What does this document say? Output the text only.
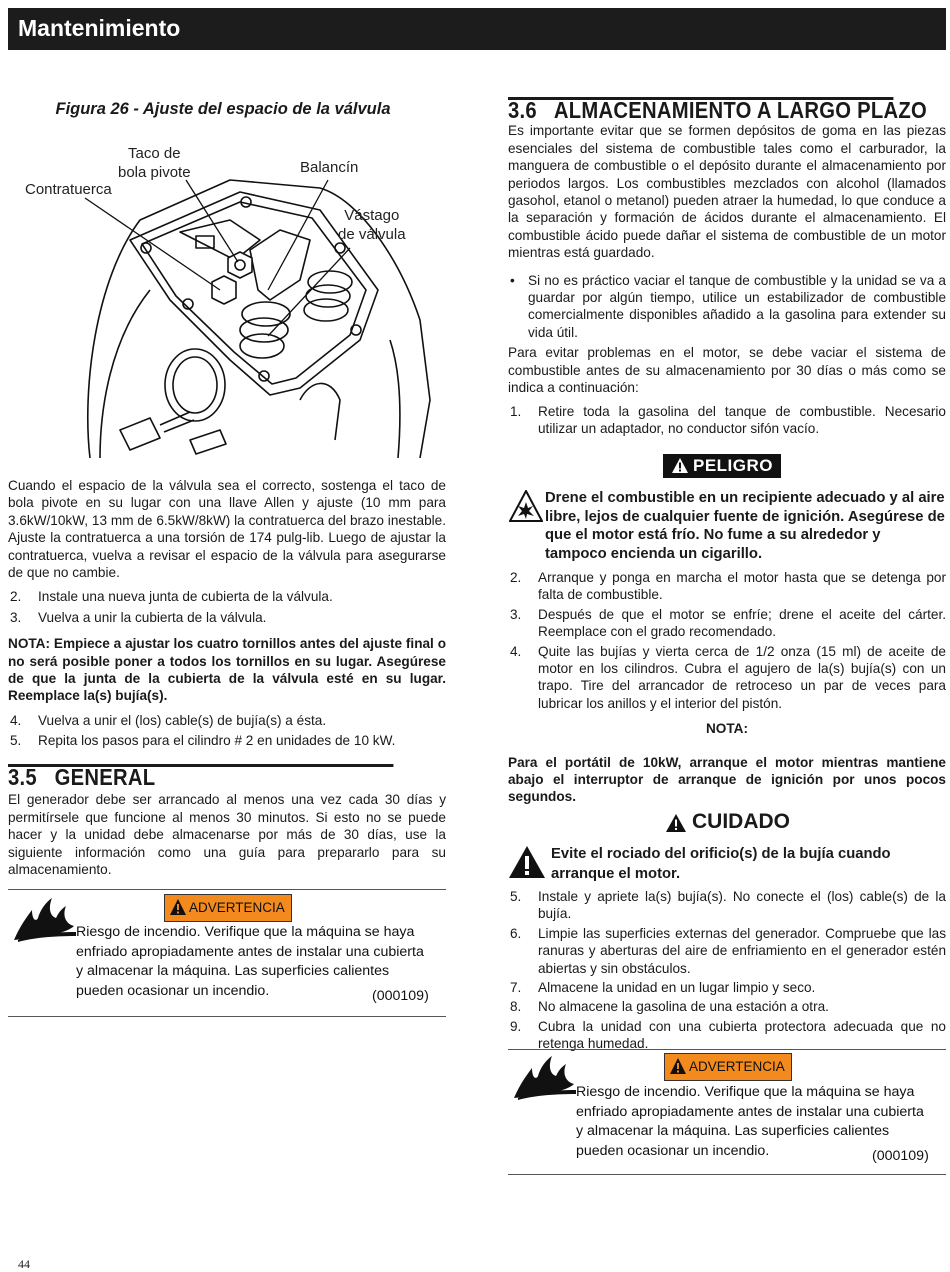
Mantenimiento
Figura 26 - Ajuste del espacio de la válvula
Contratuerca
Taco de
bola pivote	Balancín
Vástago
de válvula

Cuando el espacio de la válvula sea el correcto, sostenga el taco de bola pivote en su lugar con una llave Allen y ajuste (10 mm para 3.6kW/10kW, 13 mm de 6.5kW/8kW) la contratuerca del brazo inestable. Ajuste la contratuerca a una torsión de 174 pulg-lib. Luego de ajustar la contratuerca, vuelva a revisar el espacio de la válvula para asegurarse de que no cambie.

2. Instale una nueva junta de cubierta de la válvula.
3. Vuelva a unir la cubierta de la válvula.

NOTA: Empiece a ajustar los cuatro tornillos antes del ajuste final o no será posible poner a todos los tornillos en su lugar. Asegúrese de que la junta de la cubierta de la válvula esté en su lugar. Reemplace la(s) bujía(s).

4. Vuelva a unir el (los) cable(s) de bujía(s) a ésta.
5. Repita los pasos para el cilindro # 2 en unidades de 10 kW.
3.5   GENERAL

El generador debe ser arrancado al menos una vez cada 30 días y permitírsele que funcione al menos 30 minutos. Si esto no se puede hacer y la unidad debe almacenarse por más de 30 días, use la siguiente información como una guía para prepararlo para su almacenamiento.

ADVERTENCIA
Riesgo de incendio. Verifique que la máquina se haya enfriado apropiadamente antes de instalar una cubierta y almacenar la máquina. Las superficies calientes pueden ocasionar un incendio.	(000109)
3.6   ALMACENAMIENTO A LARGO PLAZO

Es importante evitar que se formen depósitos de goma en las piezas esenciales del sistema de combustible tales como el carburador, la manguera de combustible o el depósito durante el almacenamiento por periodos largos. Los combustibles mezclados con alcohol (llamados gasohol, etanol o metanol) pueden atraer la humedad, lo que conduce a la separación y formación de ácidos durante el almacenamiento. El combustible ácido puede dañar el sistema de combustible de un motor mientras está guardado.

• Si no es práctico vaciar el tanque de combustible y la unidad se va a guardar por algún tiempo, utilice un estabilizador de combustible comercialmente disponibles añadido a la gasolina para extender su vida útil.

Para evitar problemas en el motor, se debe vaciar el sistema de combustible antes de su almacenamiento por 30 días o más como se indica a continuación:

1. Retire toda la gasolina del tanque de combustible. Necesario utilizar un adaptador, no conductor sifón vacío.
PELIGRO
Drene el combustible en un recipiente adecuado y al aire libre, lejos de cualquier fuente de ignición. Asegúrese de que el motor está frío. No fume a su alrededor y tampoco encienda un cigarillo.
2. Arranque y ponga en marcha el motor hasta que se detenga por falta de combustible.
3. Después de que el motor se enfríe; drene el aceite del cárter. Reemplace con el grado recomendado.
4. Quite las bujías y vierta cerca de 1/2 onza (15 ml) de aceite de motor en los cilindros. Cubra el agujero de la(s) bujía(s) con un trapo. Tire del arrancador de retroceso un par de veces para lubricar los anillos y el interior del pistón.
NOTA:

Para el portátil de 10kW, arranque el motor mientras mantiene abajo el interruptor de arranque de ignición por unos pocos segundos.

CUIDADO
Evite el rociado del orificio(s) de la bujía cuando arranque el motor.
5. Instale y apriete la(s) bujía(s). No conecte el (los) cable(s) de la bujía.
6. Limpie las superficies externas del generador. Compruebe que las ranuras y aberturas del aire de enfriamiento en el generador estén abiertas y sin obstáculos.
7. Almacene la unidad en un lugar limpio y seco.
8. No almacene la gasolina de una estación a otra.
9. Cubra la unidad con una cubierta protectora adecuada que no retenga humedad.
ADVERTENCIA
Riesgo de incendio. Verifique que la máquina se haya enfriado apropiadamente antes de instalar una cubierta y almacenar la máquina. Las superficies calientes pueden ocasionar un incendio.	(000109)
44
